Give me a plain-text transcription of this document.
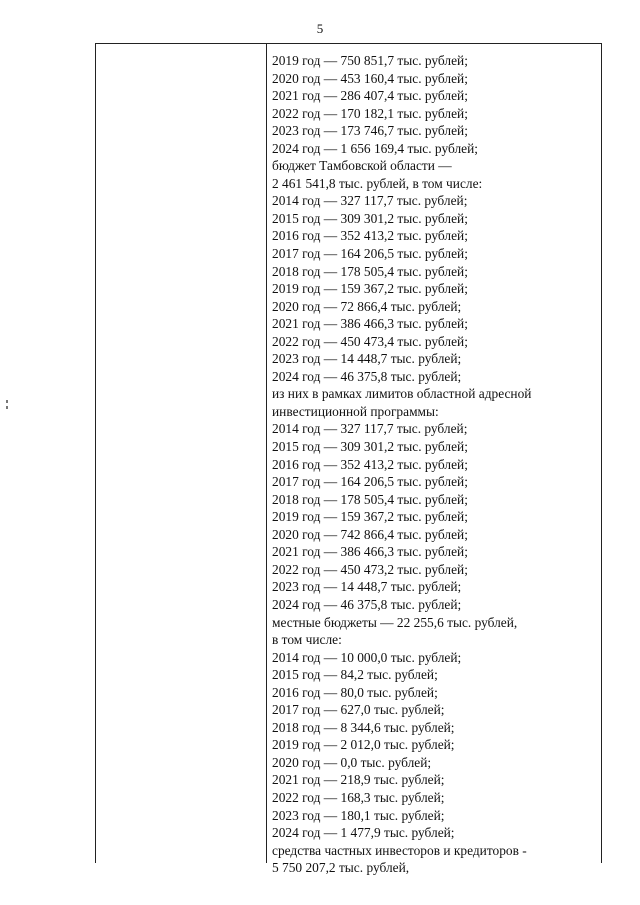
5
2019 год — 750 851,7 тыс. рублей;
2020 год — 453 160,4 тыс. рублей;
2021 год — 286 407,4 тыс. рублей;
2022 год — 170 182,1 тыс. рублей;
2023 год — 173 746,7 тыс. рублей;
2024 год — 1 656 169,4 тыс. рублей;
бюджет Тамбовской области —
2 461 541,8 тыс. рублей, в том числе:
2014 год — 327 117,7 тыс. рублей;
2015 год — 309 301,2 тыс. рублей;
2016 год — 352 413,2 тыс. рублей;
2017 год — 164 206,5 тыс. рублей;
2018 год — 178 505,4 тыс. рублей;
2019 год — 159 367,2 тыс. рублей;
2020 год — 72 866,4 тыс. рублей;
2021 год — 386 466,3 тыс. рублей;
2022 год — 450 473,4 тыс. рублей;
2023 год — 14 448,7 тыс. рублей;
2024 год — 46 375,8 тыс. рублей;
из них в рамках лимитов областной адресной
инвестиционной программы:
2014 год — 327 117,7 тыс. рублей;
2015 год — 309 301,2 тыс. рублей;
2016 год — 352 413,2 тыс. рублей;
2017 год — 164 206,5 тыс. рублей;
2018 год — 178 505,4 тыс. рублей;
2019 год — 159 367,2 тыс. рублей;
2020 год — 742 866,4 тыс. рублей;
2021 год — 386 466,3 тыс. рублей;
2022 год — 450 473,2 тыс. рублей;
2023 год — 14 448,7 тыс. рублей;
2024 год — 46 375,8 тыс. рублей;
местные бюджеты — 22 255,6 тыс. рублей,
в том числе:
2014 год — 10 000,0 тыс. рублей;
2015 год — 84,2 тыс. рублей;
2016 год — 80,0 тыс. рублей;
2017 год — 627,0 тыс. рублей;
2018 год — 8 344,6 тыс. рублей;
2019 год — 2 012,0 тыс. рублей;
2020 год — 0,0 тыс. рублей;
2021 год — 218,9 тыс. рублей;
2022 год — 168,3 тыс. рублей;
2023 год — 180,1 тыс. рублей;
2024 год — 1 477,9 тыс. рублей;
средства частных инвесторов и кредиторов -
5 750 207,2 тыс. рублей,
